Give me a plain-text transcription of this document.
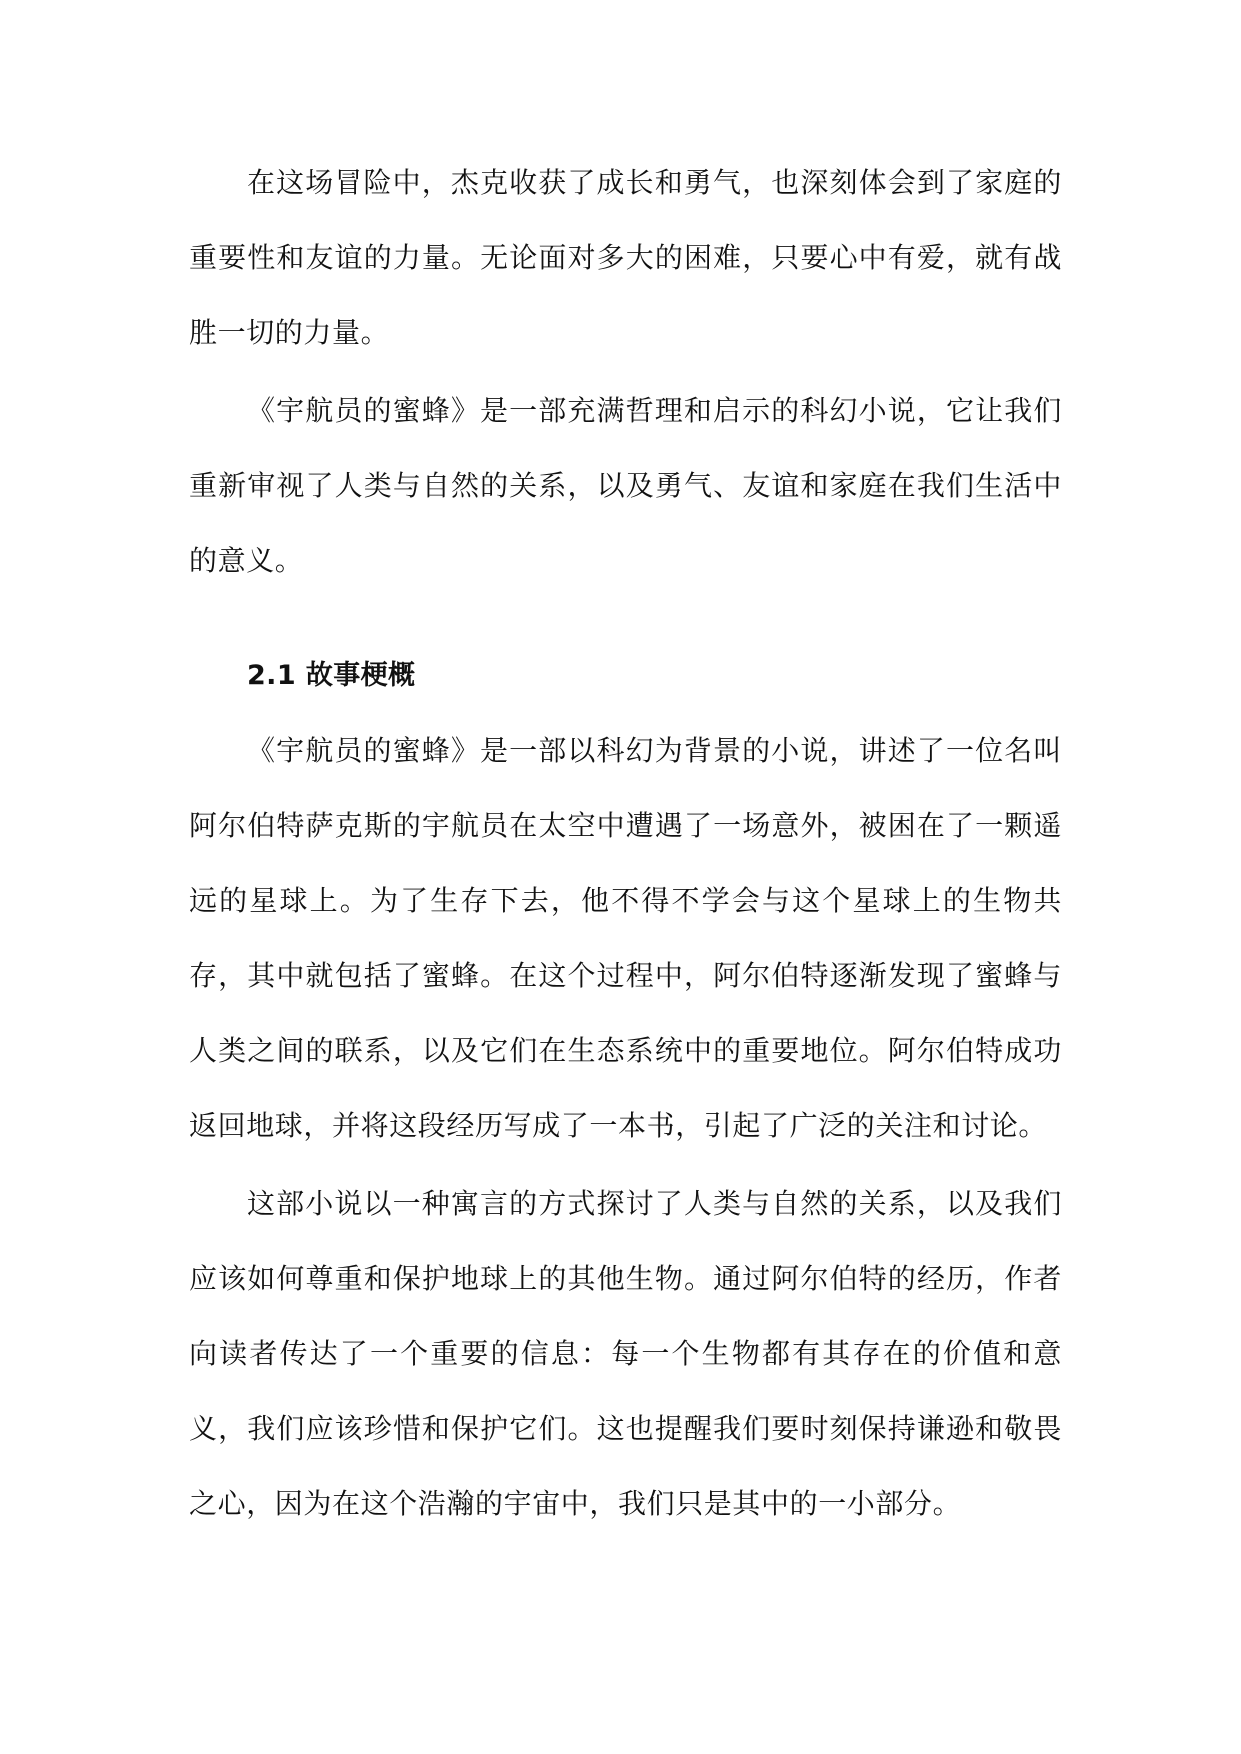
在这场冒险中，杰克收获了成长和勇气，也深刻体会到了家庭的重要性和友谊的力量。无论面对多大的困难，只要心中有爱，就有战胜一切的力量。

《宇航员的蜜蜂》是一部充满哲理和启示的科幻小说，它让我们重新审视了人类与自然的关系，以及勇气、友谊和家庭在我们生活中的意义。

2.1 故事梗概

《宇航员的蜜蜂》是一部以科幻为背景的小说，讲述了一位名叫阿尔伯特萨克斯的宇航员在太空中遭遇了一场意外，被困在了一颗遥远的星球上。为了生存下去，他不得不学会与这个星球上的生物共存，其中就包括了蜜蜂。在这个过程中，阿尔伯特逐渐发现了蜜蜂与人类之间的联系，以及它们在生态系统中的重要地位。阿尔伯特成功返回地球，并将这段经历写成了一本书，引起了广泛的关注和讨论。

这部小说以一种寓言的方式探讨了人类与自然的关系，以及我们应该如何尊重和保护地球上的其他生物。通过阿尔伯特的经历，作者向读者传达了一个重要的信息：每一个生物都有其存在的价值和意义，我们应该珍惜和保护它们。这也提醒我们要时刻保持谦逊和敬畏之心，因为在这个浩瀚的宇宙中，我们只是其中的一小部分。
